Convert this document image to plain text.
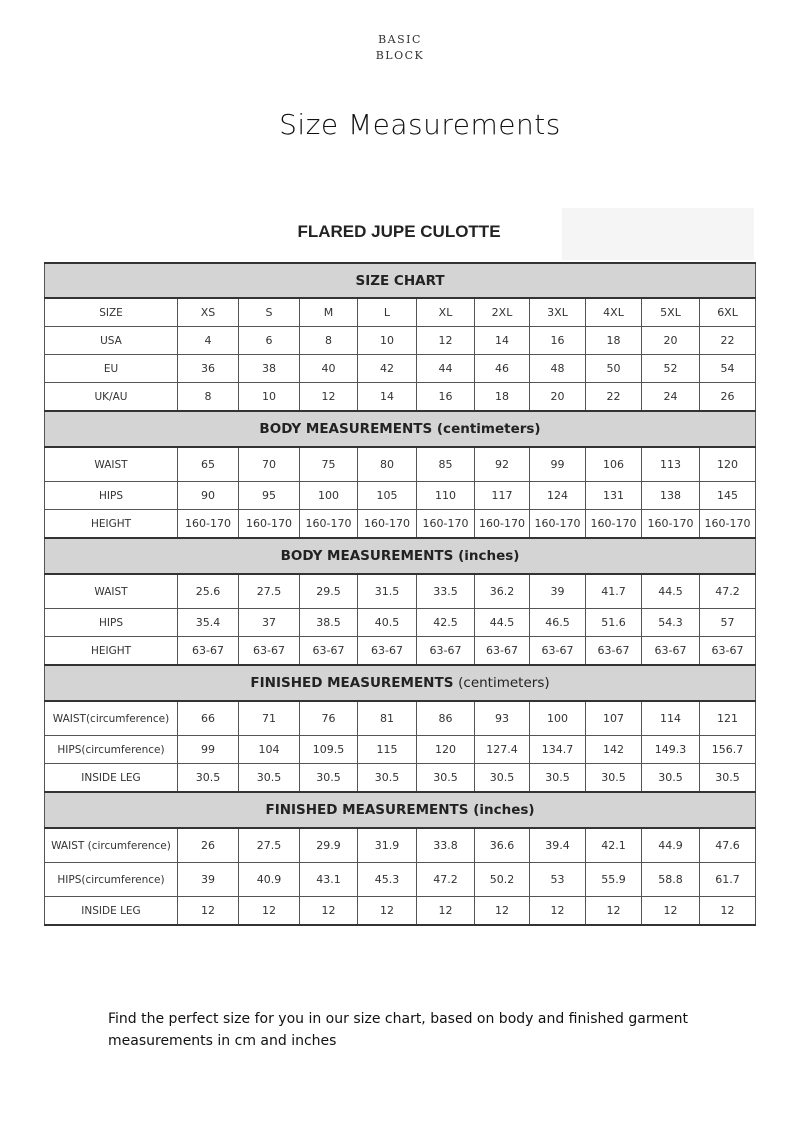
BASIC
BLOCK
Size Measurements
FLARED JUPE CULOTTE
SIZE CHART										
SIZE	XS	S	M	L	XL	2XL	3XL	4XL	5XL	6XL
USA	4	6	8	10	12	14	16	18	20	22
EU	36	38	40	42	44	46	48	50	52	54
UK/AU	8	10	12	14	16	18	20	22	24	26
BODY MEASUREMENTS (centimeters)										
WAIST	65	70	75	80	85	92	99	106	113	120
HIPS	90	95	100	105	110	117	124	131	138	145
HEIGHT	160-170	160-170	160-170	160-170	160-170	160-170	160-170	160-170	160-170	160-170
BODY MEASUREMENTS (inches)										
WAIST	25.6	27.5	29.5	31.5	33.5	36.2	39	41.7	44.5	47.2
HIPS	35.4	37	38.5	40.5	42.5	44.5	46.5	51.6	54.3	57
HEIGHT	63-67	63-67	63-67	63-67	63-67	63-67	63-67	63-67	63-67	63-67
FINISHED MEASUREMENTS (centimeters)										
WAIST(circumference)	66	71	76	81	86	93	100	107	114	121
HIPS(circumference)	99	104	109.5	115	120	127.4	134.7	142	149.3	156.7
INSIDE LEG	30.5	30.5	30.5	30.5	30.5	30.5	30.5	30.5	30.5	30.5
FINISHED MEASUREMENTS (inches)										
WAIST (circumference)	26	27.5	29.9	31.9	33.8	36.6	39.4	42.1	44.9	47.6
HIPS(circumference)	39	40.9	43.1	45.3	47.2	50.2	53	55.9	58.8	61.7
INSIDE LEG	12	12	12	12	12	12	12	12	12	12
Find the perfect size for you in our size chart, based on body and finished garment measurements in cm and inches
